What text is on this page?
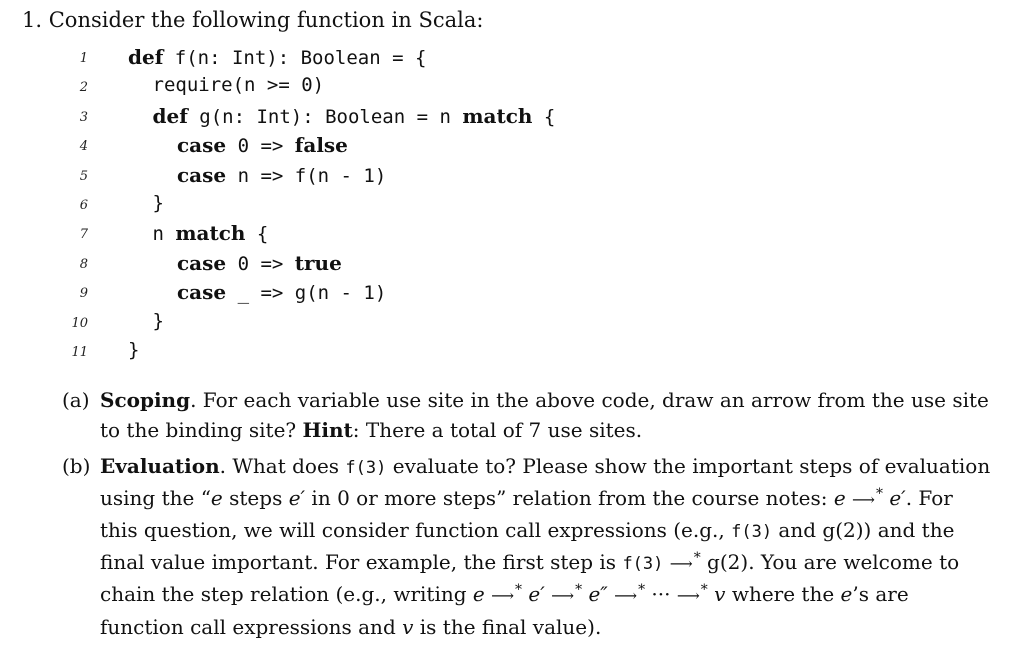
1. Consider the following function in Scala:
1 def f(n: Int): Boolean = {
2	require(n >= 0)
3	def g(n: Int): Boolean = n match {
4	case 0 => false
5	case n => f(n - 1)
6	}
7	n match {
8	case 0 => true
9	case _ => g(n - 1)
10	}
11 }
(a) Scoping. For each variable use site in the above code, draw an arrow from the use site
to the binding site? Hint: There a total of 7 use sites.
(b) Evaluation. What does f(3) evaluate to? Please show the important steps of evaluation
using the “e steps e′ in 0 or more steps” relation from the course notes: e ⟶* e′. For
this question, we will consider function call expressions (e.g., f(3) and g(2)) and the
final value important. For example, the first step is f(3) ⟶* g(2). You are welcome to
chain the step relation (e.g., writing e ⟶* e′ ⟶* e″ ⟶* ··· ⟶* v where the e’s are
function call expressions and v is the final value).
